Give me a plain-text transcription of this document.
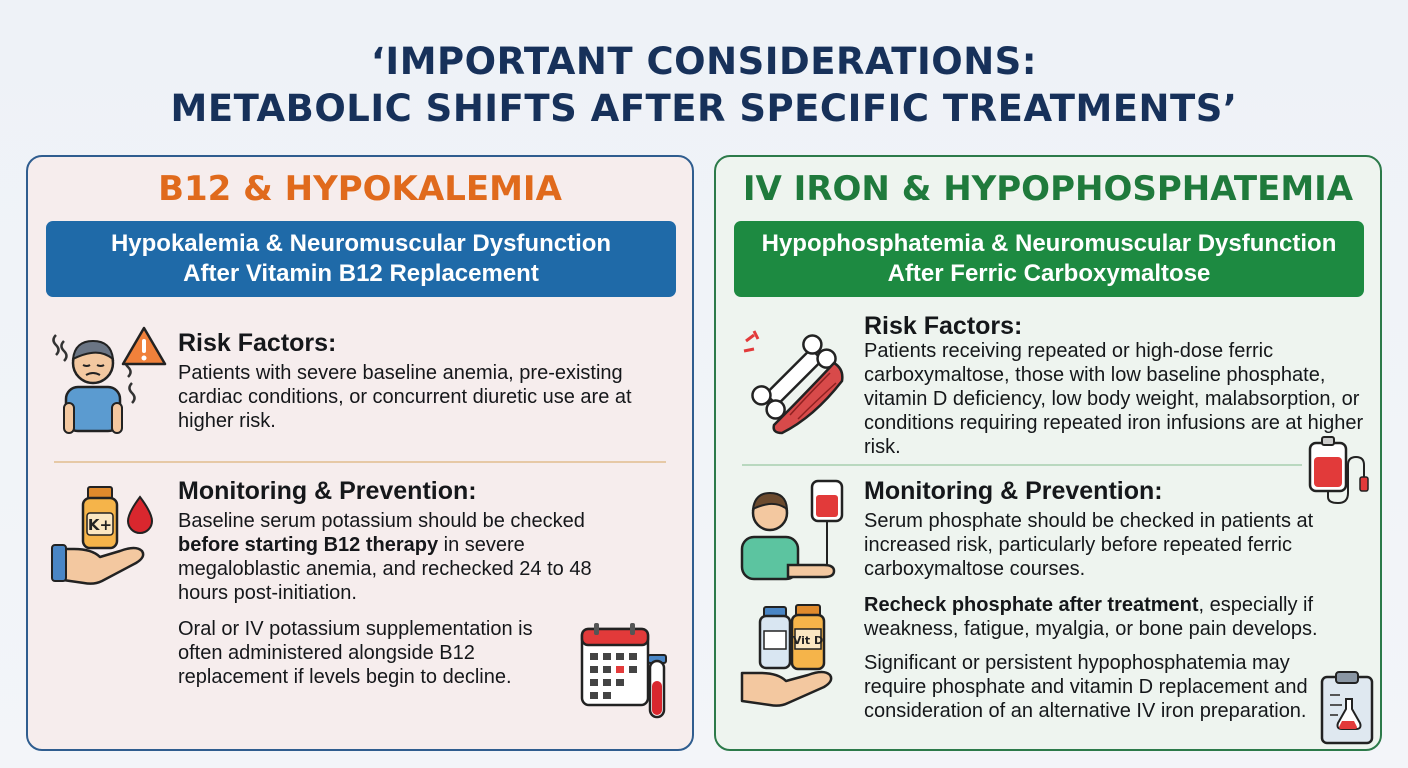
‘IMPORTANT CONSIDERATIONS:
METABOLIC SHIFTS AFTER SPECIFIC TREATMENTS’
B12 & HYPOKALEMIA
Hypokalemia & Neuromuscular Dysfunction
After Vitamin B12 Replacement
Risk Factors:
Patients with severe baseline anemia, pre-existing cardiac conditions, or concurrent diuretic use are at higher risk.
K+
Monitoring & Prevention:
Baseline serum potassium should be checked before starting B12 therapy in severe megaloblastic anemia, and rechecked 24 to 48 hours post-initiation.
Oral or IV potassium supplementation is often administered alongside B12 replacement if levels begin to decline.
IV IRON & HYPOPHOSPHATEMIA
Hypophosphatemia & Neuromuscular Dysfunction
After Ferric Carboxymaltose
Risk Factors:
Patients receiving repeated or high-dose ferric carboxymaltose, those with low baseline phosphate, vitamin D deficiency, low body weight, malabsorption, or conditions requiring repeated iron infusions are at higher risk.
Monitoring & Prevention:
Serum phosphate should be checked in patients at increased risk, particularly before repeated ferric carboxymaltose courses.
Vit D
Recheck phosphate after treatment, especially if weakness, fatigue, myalgia, or bone pain develops.
Significant or persistent hypophosphatemia may require phosphate and vitamin D replacement and consideration of an alternative IV iron preparation.
